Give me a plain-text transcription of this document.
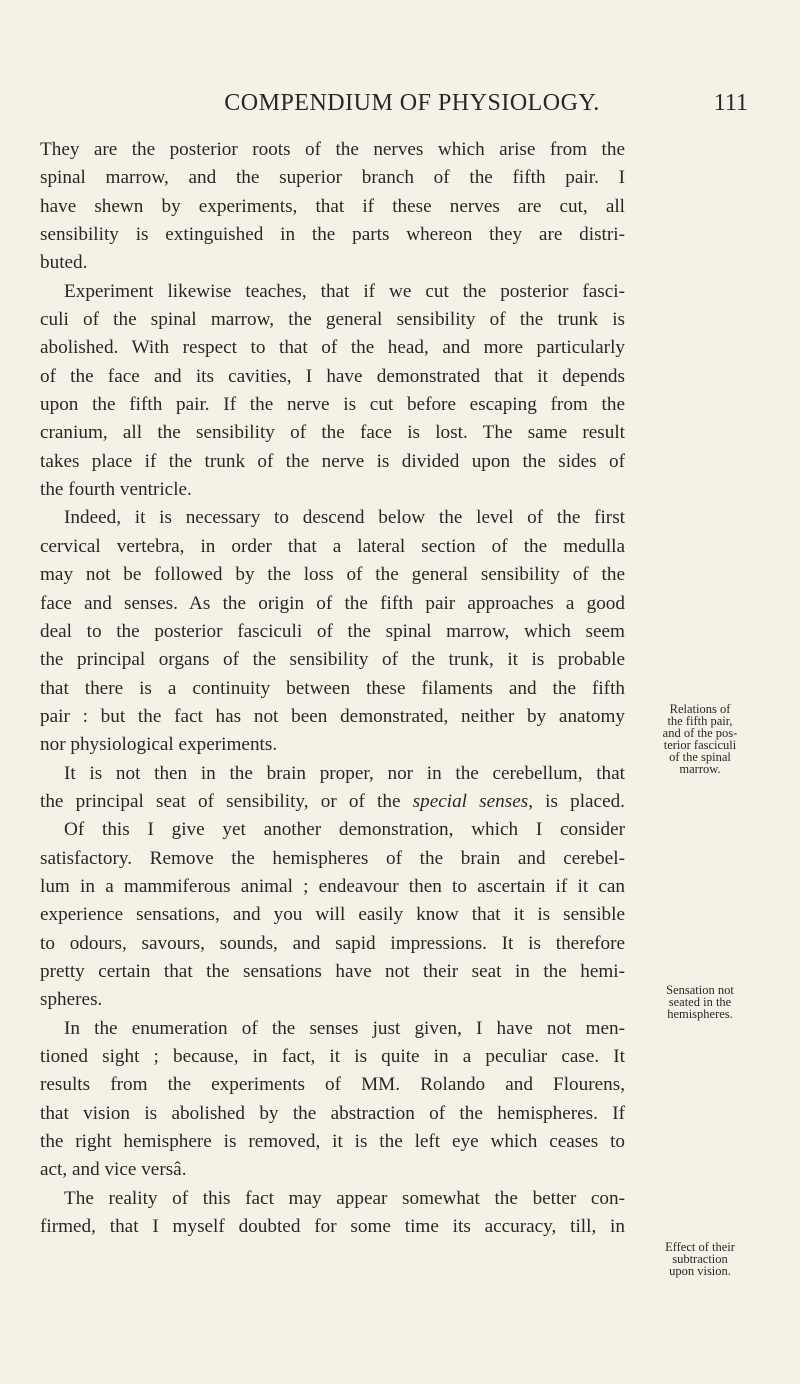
COMPENDIUM OF PHYSIOLOGY.	111

They are the posterior roots of the nerves which arise from the
spinal marrow, and the superior branch of the fifth pair. I
have shewn by experiments, that if these nerves are cut, all
sensibility is extinguished in the parts whereon they are distri-
buted.

Experiment likewise teaches, that if we cut the posterior fasci-
culi of the spinal marrow, the general sensibility of the trunk is
abolished. With respect to that of the head, and more particularly
of the face and its cavities, I have demonstrated that it depends
upon the fifth pair. If the nerve is cut before escaping from the
cranium, all the sensibility of the face is lost. The same result
takes place if the trunk of the nerve is divided upon the sides of
the fourth ventricle.

Indeed, it is necessary to descend below the level of the first
cervical vertebra, in order that a lateral section of the medulla
may not be followed by the loss of the general sensibility of the
face and senses. As the origin of the fifth pair approaches a good
deal to the posterior fasciculi of the spinal marrow, which seem
the principal organs of the sensibility of the trunk, it is probable
that there is a continuity between these filaments and the fifth
pair : but the fact has not been demonstrated, neither by anatomy
nor physiological experiments.

It is not then in the brain proper, nor in the cerebellum, that
the principal seat of sensibility, or of the special senses, is placed.
Of this I give yet another demonstration, which I consider
satisfactory. Remove the hemispheres of the brain and cerebel-
lum in a mammiferous animal ; endeavour then to ascertain if it can
experience sensations, and you will easily know that it is sensible
to odours, savours, sounds, and sapid impressions. It is therefore
pretty certain that the sensations have not their seat in the hemi-
spheres.

In the enumeration of the senses just given, I have not men-
tioned sight ; because, in fact, it is quite in a peculiar case. It
results from the experiments of MM. Rolando and Flourens,
that vision is abolished by the abstraction of the hemispheres. If
the right hemisphere is removed, it is the left eye which ceases to
act, and vice versâ.

The reality of this fact may appear somewhat the better con-
firmed, that I myself doubted for some time its accuracy, till, in

Relations of
the fifth pair,
and of the pos-
terior fasciculi
of the spinal
marrow.
Sensation not
seated in the
hemispheres.
Effect of their
subtraction
upon vision.
